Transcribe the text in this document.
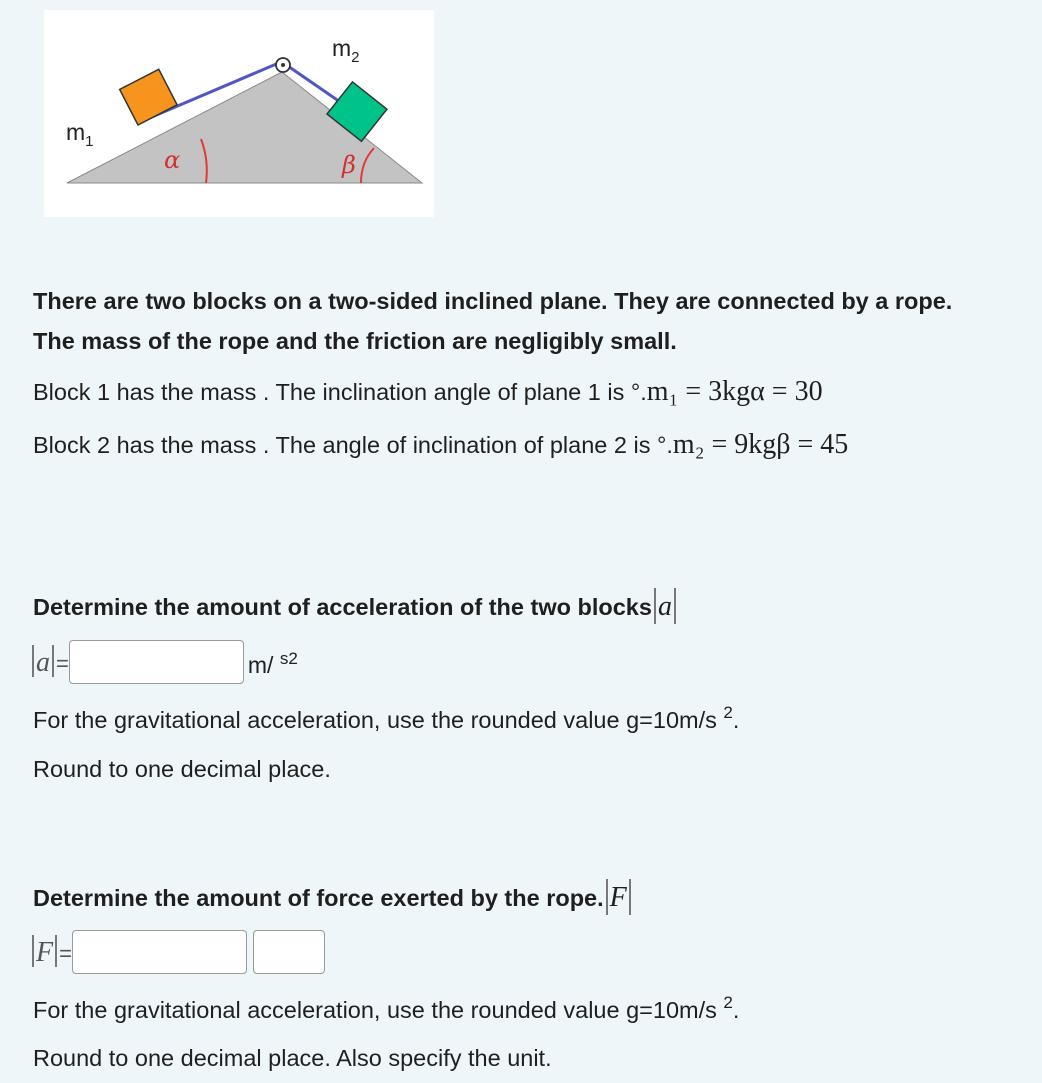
$m_1$
$m_2$
α	β
There are two blocks on a two-sided inclined plane. They are connected by a rope.
The mass of the rope and the friction are negligibly small.
Block 1 has the mass . The inclination angle of plane 1 is °.m₁ = 3kgα = 30
Block 2 has the mass . The angle of inclination of plane 2 is °.m₂ = 9kgβ = 45
Determine the amount of acceleration of the two blocks a
a =	m/ $^{s2}$
For the gravitational acceleration, use the rounded value g=10m/s $^2$.
Round to one decimal place.
Determine the amount of force exerted by the rope. F
F =
For the gravitational acceleration, use the rounded value g=10m/s $^2$.
Round to one decimal place. Also specify the unit.
